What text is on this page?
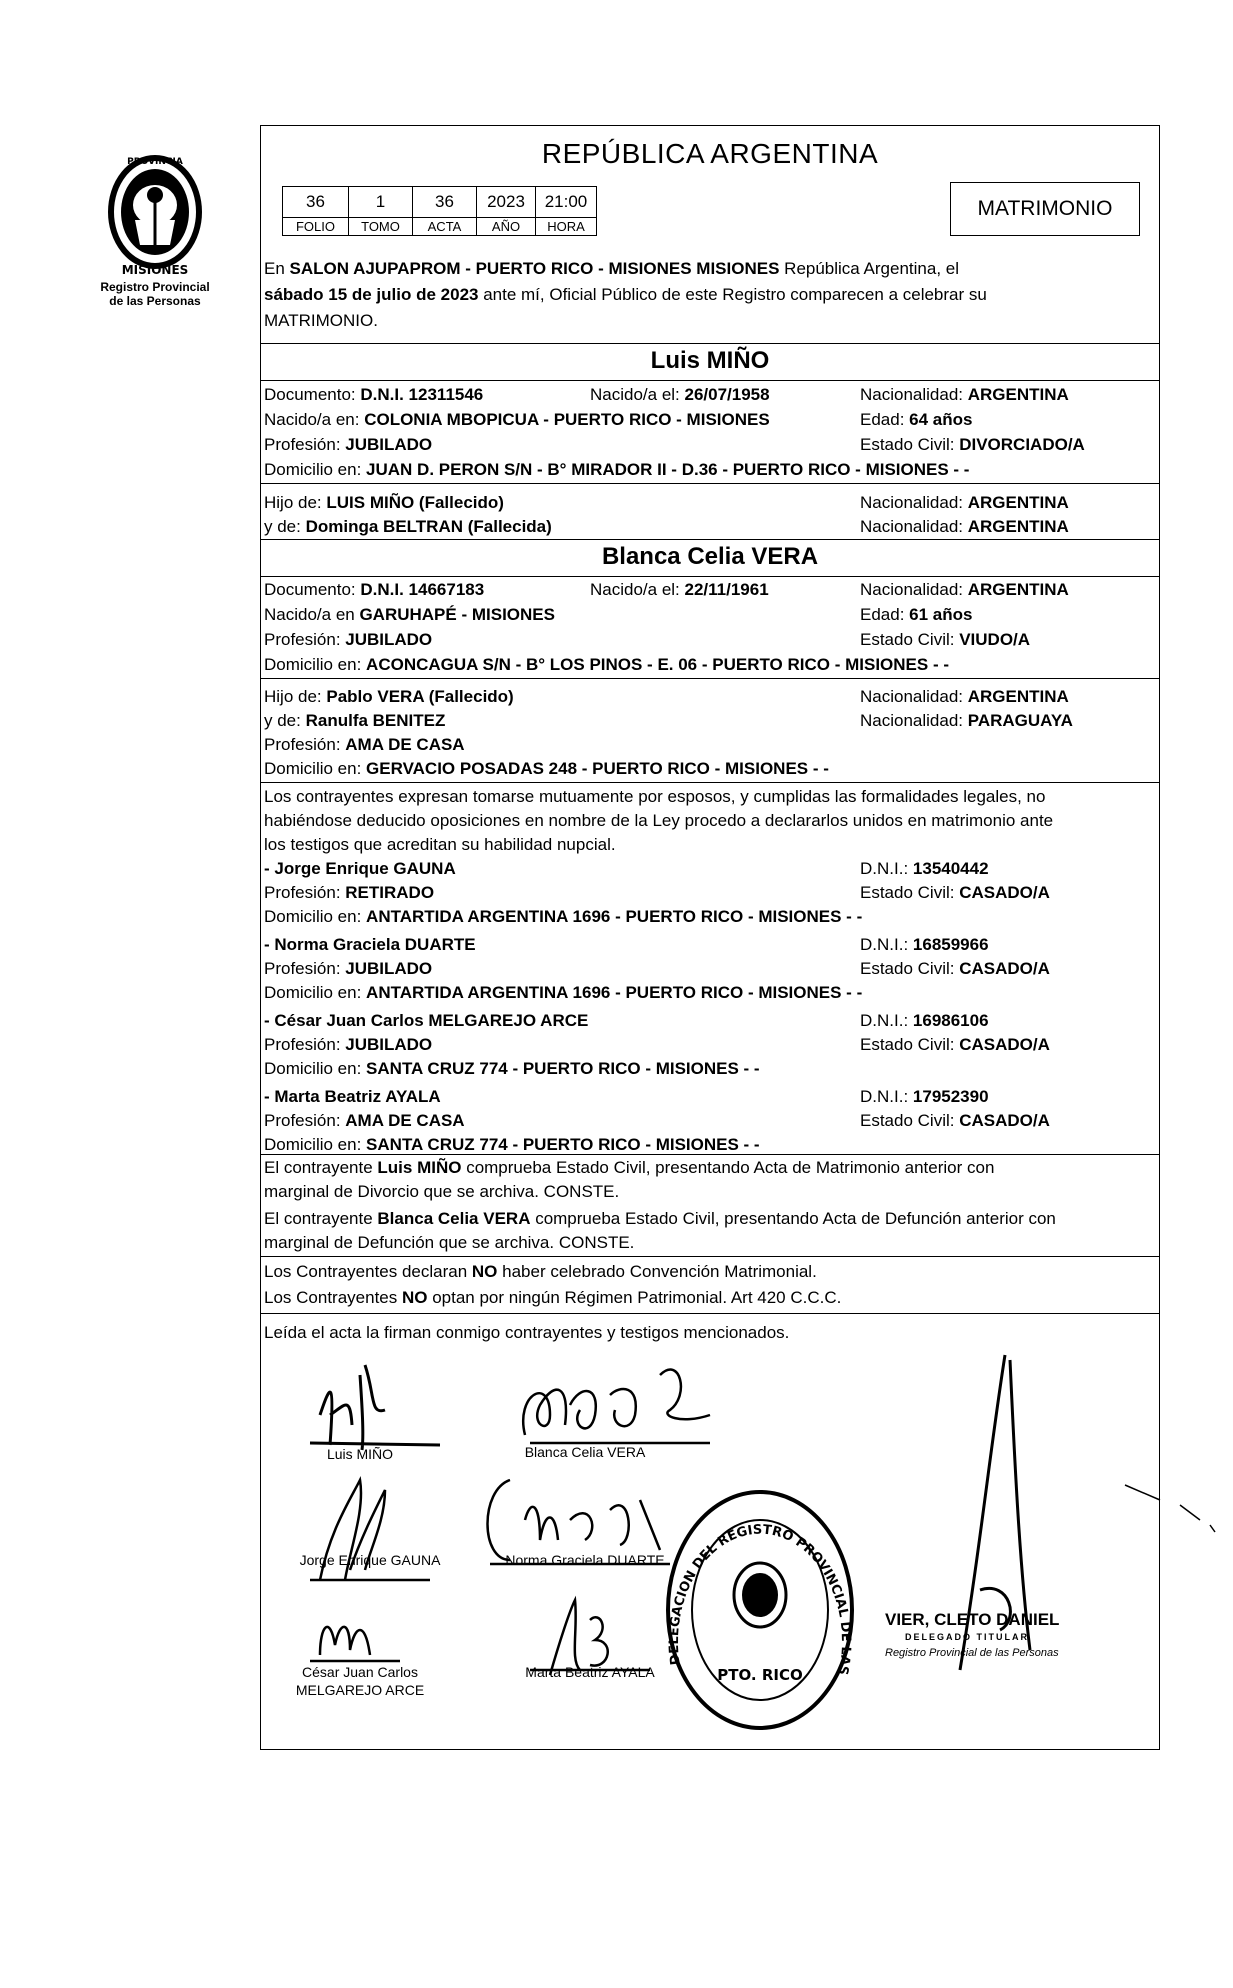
PROVINCIA
MISIONES
Registro Provincial
de las Personas
REPÚBLICA ARGENTINA
36	1	36	2023	21:00
FOLIO	TOMO	ACTA	AÑO	HORA
MATRIMONIO
En SALON AJUPAPROM - PUERTO RICO - MISIONES MISIONES República Argentina, el
sábado 15 de julio de 2023 ante mí, Oficial Público de este Registro comparecen a celebrar su
MATRIMONIO.
Luis MIÑO
Documento: D.N.I. 12311546	Nacido/a el: 26/07/1958	Nacionalidad: ARGENTINA
Nacido/a en: COLONIA MBOPICUA - PUERTO RICO - MISIONES	Edad: 64 años
Profesión: JUBILADO	Estado Civil: DIVORCIADO/A
Domicilio en: JUAN D. PERON S/N - B° MIRADOR II - D.36 - PUERTO RICO - MISIONES - -
Hijo de: LUIS MIÑO (Fallecido)	Nacionalidad: ARGENTINA
y de: Dominga BELTRAN (Fallecida)	Nacionalidad: ARGENTINA
Blanca Celia VERA
Documento: D.N.I. 14667183	Nacido/a el: 22/11/1961	Nacionalidad: ARGENTINA
Nacido/a en GARUHAPÉ - MISIONES	Edad: 61 años
Profesión: JUBILADO	Estado Civil: VIUDO/A
Domicilio en: ACONCAGUA S/N - B° LOS PINOS - E. 06 - PUERTO RICO - MISIONES - -
Hijo de: Pablo VERA (Fallecido)	Nacionalidad: ARGENTINA
y de: Ranulfa BENITEZ	Nacionalidad: PARAGUAYA
Profesión: AMA DE CASA
Domicilio en: GERVACIO POSADAS 248 - PUERTO RICO - MISIONES - -
Los contrayentes expresan tomarse mutuamente por esposos, y cumplidas las formalidades legales, no
habiéndose deducido oposiciones en nombre de la Ley procedo a declararlos unidos en matrimonio ante
los testigos que acreditan su habilidad nupcial.
- Jorge Enrique GAUNA	D.N.I.: 13540442
Profesión: RETIRADO	Estado Civil: CASADO/A
Domicilio en: ANTARTIDA ARGENTINA 1696 - PUERTO RICO - MISIONES - -
- Norma Graciela DUARTE	D.N.I.: 16859966
Profesión: JUBILADO	Estado Civil: CASADO/A
Domicilio en: ANTARTIDA ARGENTINA 1696 - PUERTO RICO - MISIONES - -
- César Juan Carlos MELGAREJO ARCE	D.N.I.: 16986106
Profesión: JUBILADO	Estado Civil: CASADO/A
Domicilio en: SANTA CRUZ 774 - PUERTO RICO - MISIONES - -
- Marta Beatriz AYALA	D.N.I.: 17952390
Profesión: AMA DE CASA	Estado Civil: CASADO/A
Domicilio en: SANTA CRUZ 774 - PUERTO RICO - MISIONES - -
El contrayente Luis MIÑO comprueba Estado Civil, presentando Acta de Matrimonio anterior con
marginal de Divorcio que se archiva. CONSTE.
El contrayente Blanca Celia VERA comprueba Estado Civil, presentando Acta de Defunción anterior con
marginal de Defunción que se archiva. CONSTE.
Los Contrayentes declaran NO haber celebrado Convención Matrimonial.
Los Contrayentes NO optan por ningún Régimen Patrimonial. Art 420 C.C.C.
Leída el acta la firman conmigo contrayentes y testigos mencionados.
Luis MIÑO	Blanca Celia VERA
Jorge Enrique GAUNA	Norma Graciela DUARTE
César Juan Carlos
MELGAREJO ARCE
Marta Beatriz AYALA
DELEGACION DEL REGISTRO PROVINCIAL DE LAS PERSONAS
PTO. RICO
VIER, CLETO DANIEL
DELEGADO TITULAR
Registro Provincial de las Personas
